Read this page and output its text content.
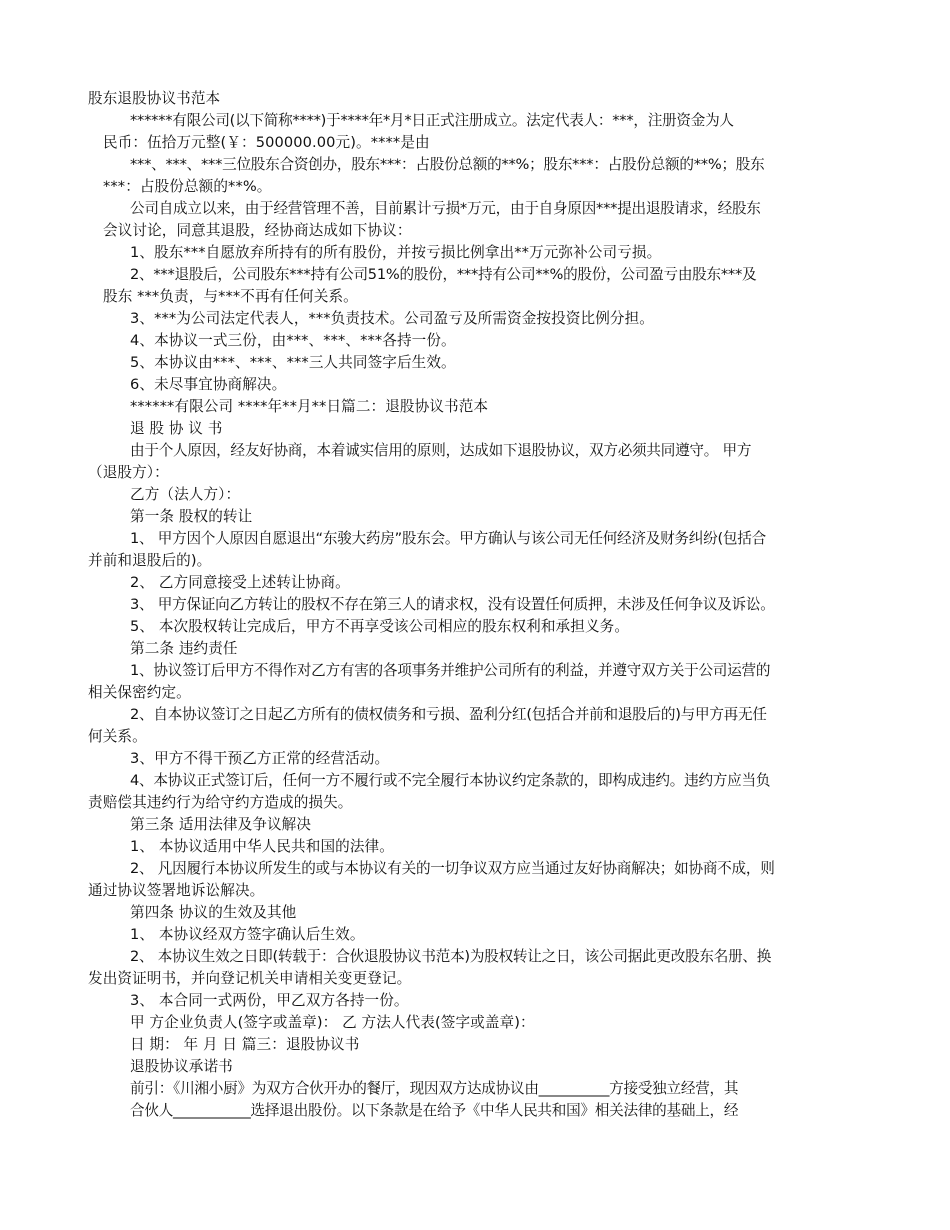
股东退股协议书范本
******有限公司(以下简称****)于****年*月*日正式注册成立。法定代表人：***，注册资金为人
民币：伍拾万元整(￥：500000.00元)。****是由
***、***、***三位股东合资创办，股东***：占股份总额的**%；股东***：占股份总额的**%；股东
***：占股份总额的**%。
公司自成立以来，由于经营管理不善，目前累计亏损*万元，由于自身原因***提出退股请求，经股东
会议讨论，同意其退股，经协商达成如下协议：
1、股东***自愿放弃所持有的所有股份，并按亏损比例拿出**万元弥补公司亏损。
2、***退股后，公司股东***持有公司51%的股份，***持有公司**%的股份，公司盈亏由股东***及
股东 ***负责，与***不再有任何关系。
3、***为公司法定代表人，***负责技术。公司盈亏及所需资金按投资比例分担。
4、本协议一式三份，由***、***、***各持一份。
5、本协议由***、***、***三人共同签字后生效。
6、未尽事宜协商解决。
******有限公司 ****年**月**日篇二：退股协议书范本
退 股 协 议 书
由于个人原因，经友好协商，本着诚实信用的原则，达成如下退股协议，双方必须共同遵守。 甲方
（退股方）：
乙方（法人方）：
第一条 股权的转让
1、 甲方因个人原因自愿退出“东骏大药房”股东会。甲方确认与该公司无任何经济及财务纠纷(包括合
并前和退股后的)。
2、 乙方同意接受上述转让协商。
3、 甲方保证向乙方转让的股权不存在第三人的请求权，没有设置任何质押，未涉及任何争议及诉讼。
5、 本次股权转让完成后，甲方不再享受该公司相应的股东权利和承担义务。
第二条 违约责任
1、协议签订后甲方不得作对乙方有害的各项事务并维护公司所有的利益，并遵守双方关于公司运营的
相关保密约定。
2、自本协议签订之日起乙方所有的债权债务和亏损、盈利分红(包括合并前和退股后的)与甲方再无任
何关系。
3、甲方不得干预乙方正常的经营活动。
4、本协议正式签订后，任何一方不履行或不完全履行本协议约定条款的，即构成违约。违约方应当负
责赔偿其违约行为给守约方造成的损失。
第三条 适用法律及争议解决
1、 本协议适用中华人民共和国的法律。
2、 凡因履行本协议所发生的或与本协议有关的一切争议双方应当通过友好协商解决；如协商不成，则
通过协议签署地诉讼解决。
第四条 协议的生效及其他
1、 本协议经双方签字确认后生效。
2、 本协议生效之日即(转载于：合伙退股协议书范本)为股权转让之日，该公司据此更改股东名册、换
发出资证明书，并向登记机关申请相关变更登记。
3、 本合同一式两份，甲乙双方各持一份。
甲 方企业负责人(签字或盖章)： 乙 方法人代表(签字或盖章)：
日 期： 年 月 日 篇三：退股协议书
退股协议承诺书
前引：《川湘小厨》为双方合伙开办的餐厅，现因双方达成协议由__________方接受独立经营，其
合伙人___________选择退出股份。以下条款是在给予《中华人民共和国》相关法律的基础上，经
